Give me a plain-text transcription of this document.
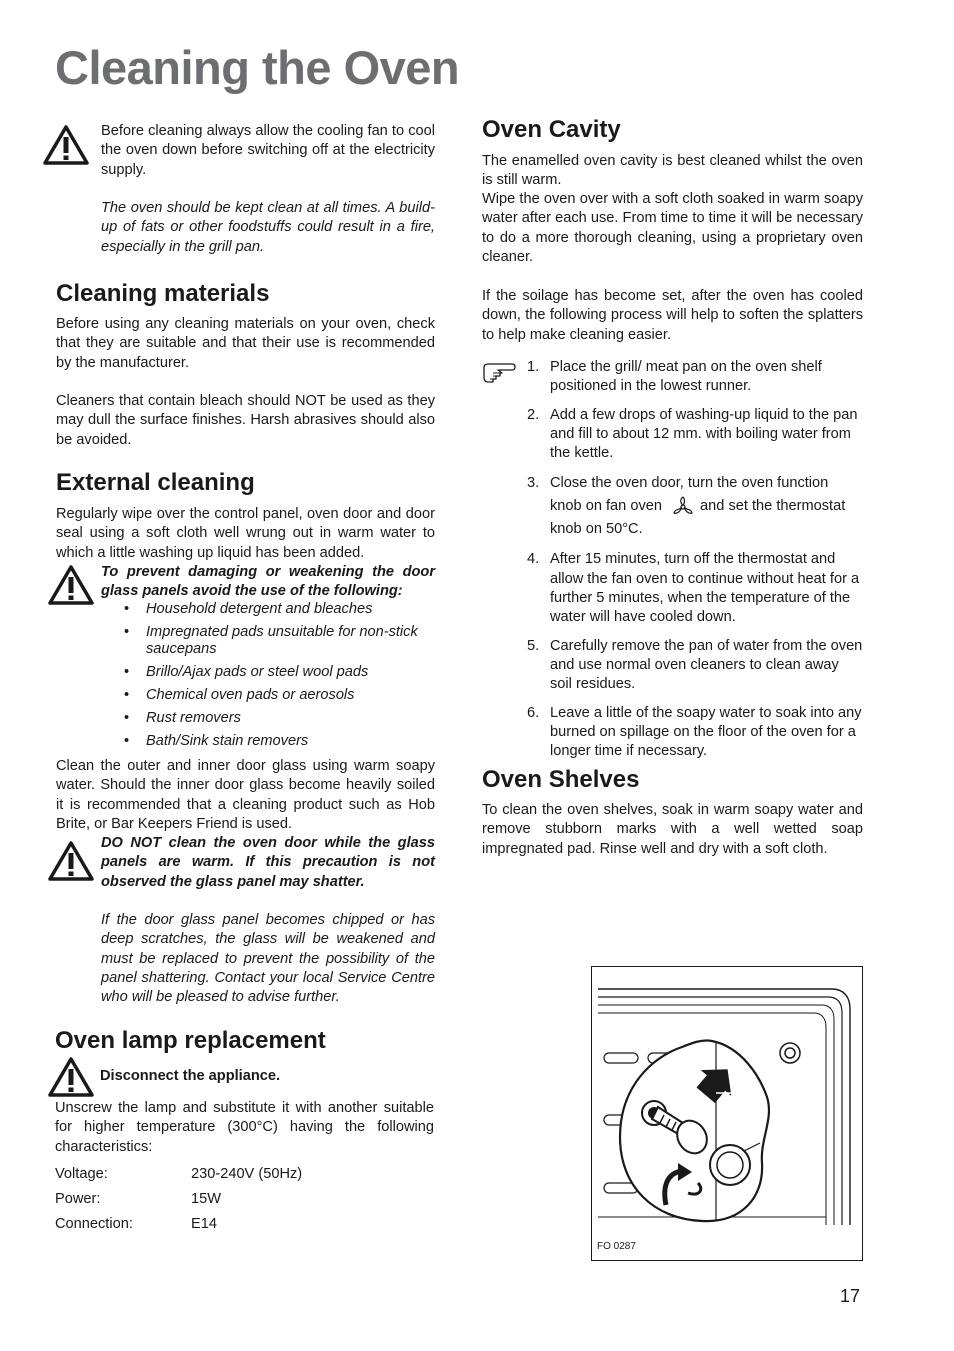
Cleaning the Oven

Before cleaning always allow the cooling fan to cool the oven down before switching off at the electricity supply.

The oven should be kept clean at all times. A build-up of fats or other foodstuffs could result in a fire, especially in the grill pan.

Cleaning materials

Before using any cleaning materials on your oven, check that they are suitable and that their use is recommended by the manufacturer.

Cleaners that contain bleach should NOT be used as they may dull the surface finishes. Harsh abrasives should also be avoided.

External cleaning

Regularly wipe over the control panel, oven door and door seal using a soft cloth well wrung out in warm water to which a little washing up liquid has been added.

To prevent damaging or weakening the door glass panels avoid the use of the following:

• Household detergent and bleaches
• Impregnated pads unsuitable for non-stick saucepans
• Brillo/Ajax pads or steel wool pads
• Chemical oven pads or aerosols
• Rust removers
• Bath/Sink stain removers

Clean the outer and inner door glass using warm soapy water. Should the inner door glass become heavily soiled it is recommended that a cleaning product such as Hob Brite, or Bar Keepers Friend is used.

DO NOT clean the oven door while the glass panels are warm. If this precaution is not observed the glass panel may shatter.

If the door glass panel becomes chipped or has deep scratches, the glass will be weakened and must be replaced to prevent the possibility of the panel shattering. Contact your local Service Centre who will be pleased to advise further.

Oven lamp replacement

Disconnect the appliance.

Unscrew the lamp and substitute it with another suitable for higher temperature (300°C) having the following characteristics:

Voltage:	230-240V (50Hz)
Power:	15W
Connection:	E14
Oven Cavity

The enamelled oven cavity is best cleaned whilst the oven is still warm.

Wipe the oven over with a soft cloth soaked in warm soapy water after each use. From time to time it will be necessary to do a more thorough cleaning, using a proprietary oven cleaner.

If the soilage has become set, after the oven has cooled down, the following process will help to soften the splatters to help make cleaning easier.

1. Place the grill/ meat pan on the oven shelf positioned in the lowest runner.
2. Add a few drops of washing-up liquid to the pan and fill to about 12 mm. with boiling water from the kettle.
3. Close the oven door, turn the oven function knob on fan oven	and set the thermostat knob on 50°C.
4. After 15 minutes, turn off the thermostat and allow the fan oven to continue without heat for a further 5 minutes, when the temperature of the water will have cooled down.
5. Carefully remove the pan of water from the oven and use normal oven cleaners to clean away soil residues.
6. Leave a little of the soapy water to soak into any burned on spillage on the floor of the oven for a longer time if necessary.
Oven Shelves

To clean the oven shelves, soak in warm soapy water and remove stubborn marks with a well wetted soap impregnated pad. Rinse well and dry with a soft cloth.

FO 0287
17
